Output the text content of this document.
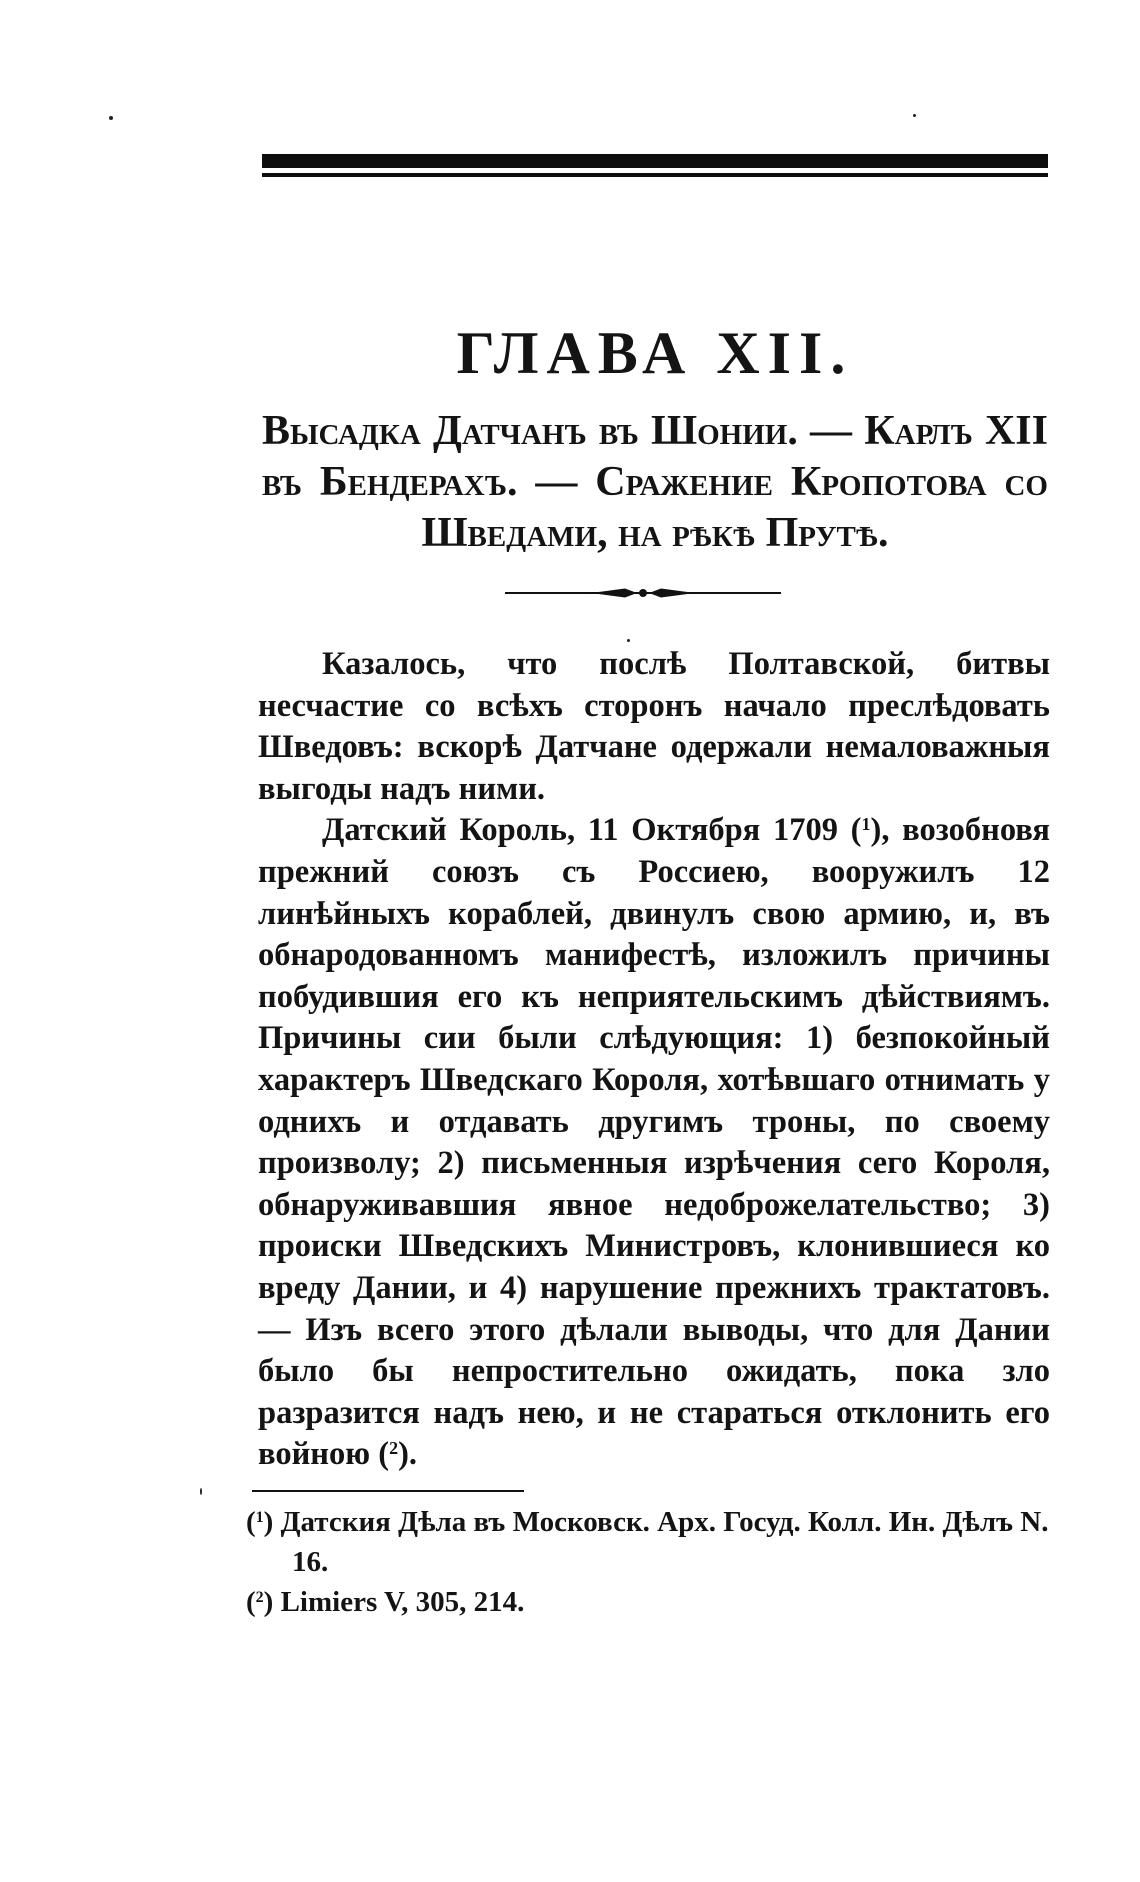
ГЛАВА XII.
Высадка Датчанъ въ Шонии. — Карлъ XII въ Бендерахъ. — Сражение Кропотова со Шведами, на рѣкѣ Прутѣ.

Казалось, что послѣ Полтавской, битвы несчастие со всѣхъ сторонъ начало преслѣдовать Шведовъ: вскорѣ Датчане одержали немаловажныя выгоды надъ ними.

Датский Король, 11 Октября 1709 ($^1$), возобновя прежний союзъ съ Россиею, вооружилъ 12 линѣйныхъ кораблей, двинулъ свою армию, и, въ обнародованномъ манифестѣ, изложилъ причины побудившия его къ неприятельскимъ дѣйствиямъ. Причины сии были слѣдующия: 1) безпокойный характеръ Шведскаго Короля, хотѣвшаго отнимать у однихъ и отдавать другимъ троны, по своему произволу; 2) письменныя изрѣчения сего Короля, обнаруживавшия явное недоброжелательство; 3) происки Шведскихъ Министровъ, клонившиеся ко вреду Дании, и 4) нарушение прежнихъ трактатовъ. — Изъ всего этого дѣлали выводы, что для Дании было бы непростительно ожидать, пока зло разразится надъ нею, и не стараться отклонить его войною ($^2$).

($^1$) Датския Дѣла въ Московск. Арх. Госуд. Колл. Ин. Дѣлъ N. 16.

($^2$) Limiers V, 305, 214.
